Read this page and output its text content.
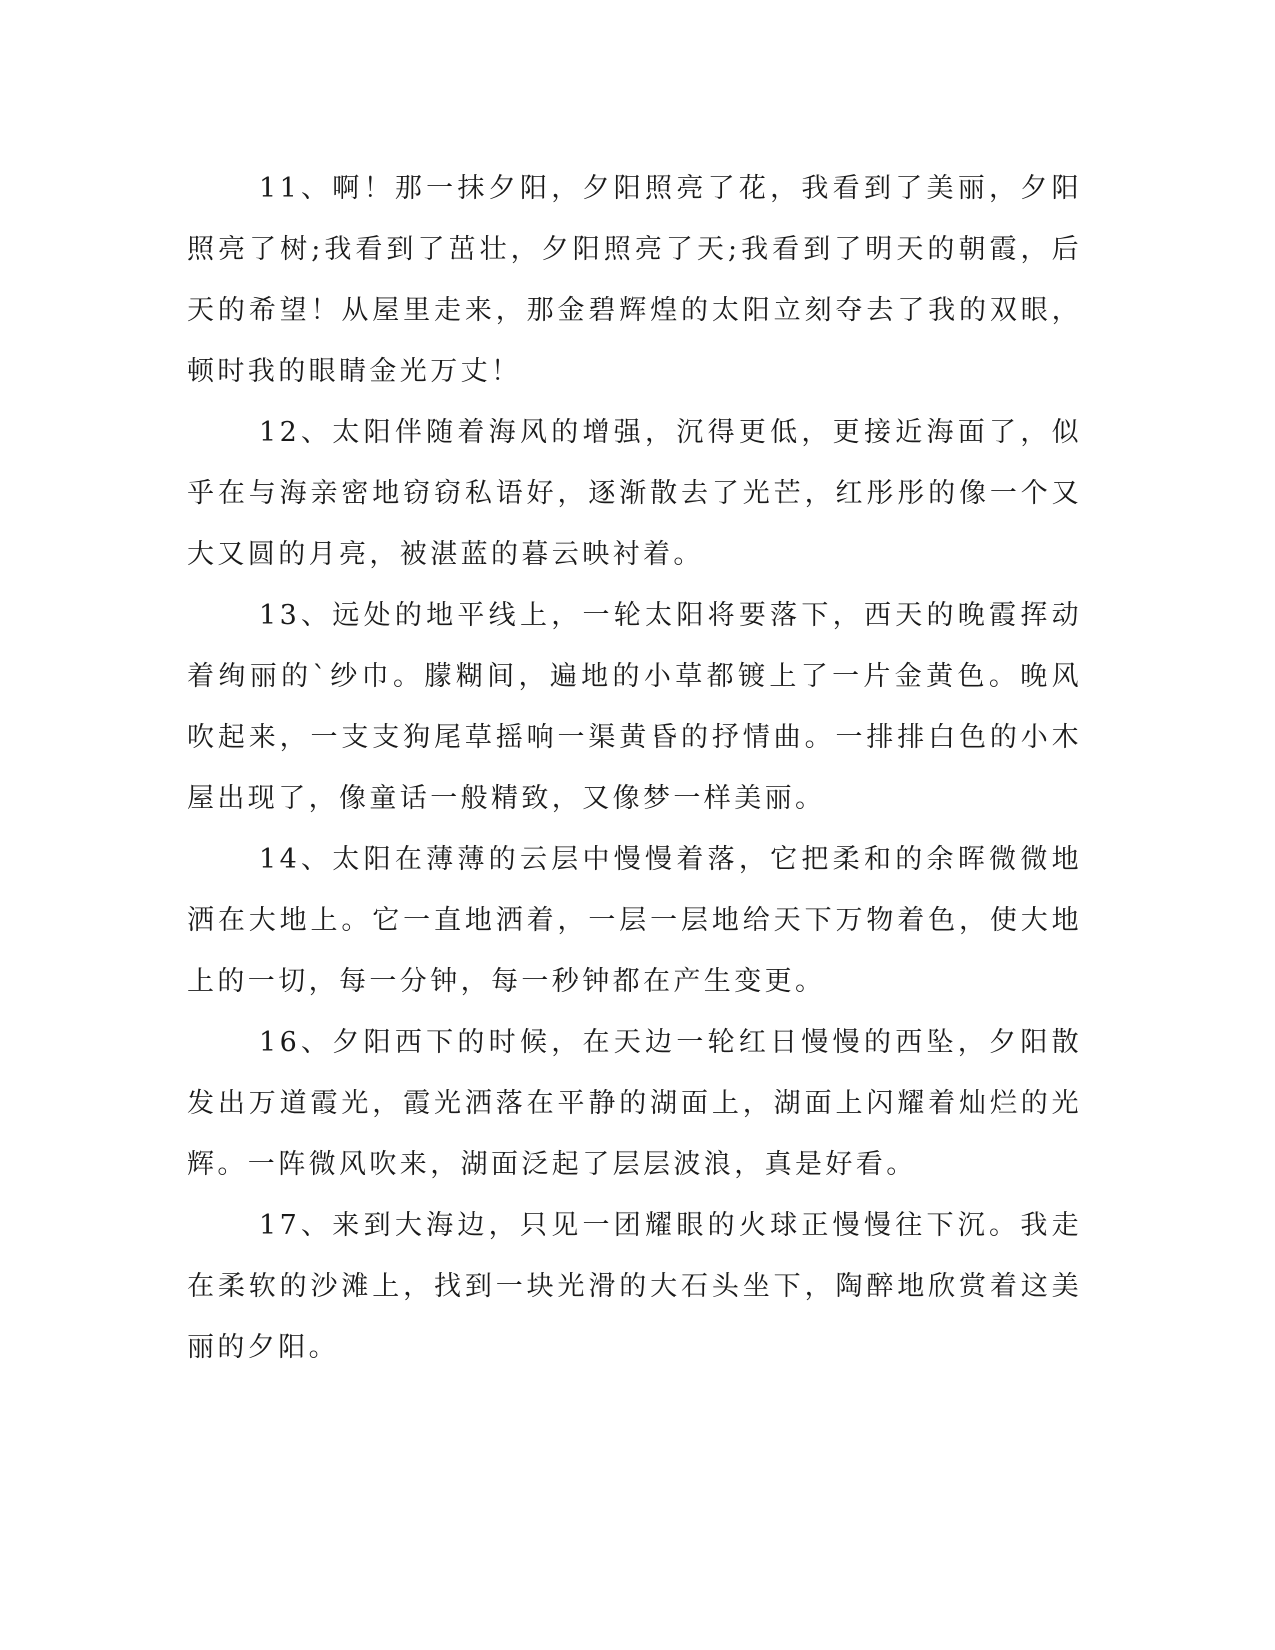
11、啊！那一抹夕阳，夕阳照亮了花，我看到了美丽，夕阳照亮了树;我看到了茁壮，夕阳照亮了天;我看到了明天的朝霞，后天的希望！从屋里走来，那金碧辉煌的太阳立刻夺去了我的双眼，顿时我的眼睛金光万丈！

12、太阳伴随着海风的增强，沉得更低，更接近海面了，似乎在与海亲密地窃窃私语好，逐渐散去了光芒，红彤彤的像一个又大又圆的月亮，被湛蓝的暮云映衬着。

13、远处的地平线上，一轮太阳将要落下，西天的晚霞挥动着绚丽的`纱巾。朦糊间，遍地的小草都镀上了一片金黄色。晚风吹起来，一支支狗尾草摇响一渠黄昏的抒情曲。一排排白色的小木屋出现了，像童话一般精致，又像梦一样美丽。

14、太阳在薄薄的云层中慢慢着落，它把柔和的余晖微微地洒在大地上。它一直地洒着，一层一层地给天下万物着色，使大地上的一切，每一分钟，每一秒钟都在产生变更。

16、夕阳西下的时候，在天边一轮红日慢慢的西坠，夕阳散发出万道霞光，霞光洒落在平静的湖面上，湖面上闪耀着灿烂的光辉。一阵微风吹来，湖面泛起了层层波浪，真是好看。

17、来到大海边，只见一团耀眼的火球正慢慢往下沉。我走在柔软的沙滩上，找到一块光滑的大石头坐下，陶醉地欣赏着这美丽的夕阳。
